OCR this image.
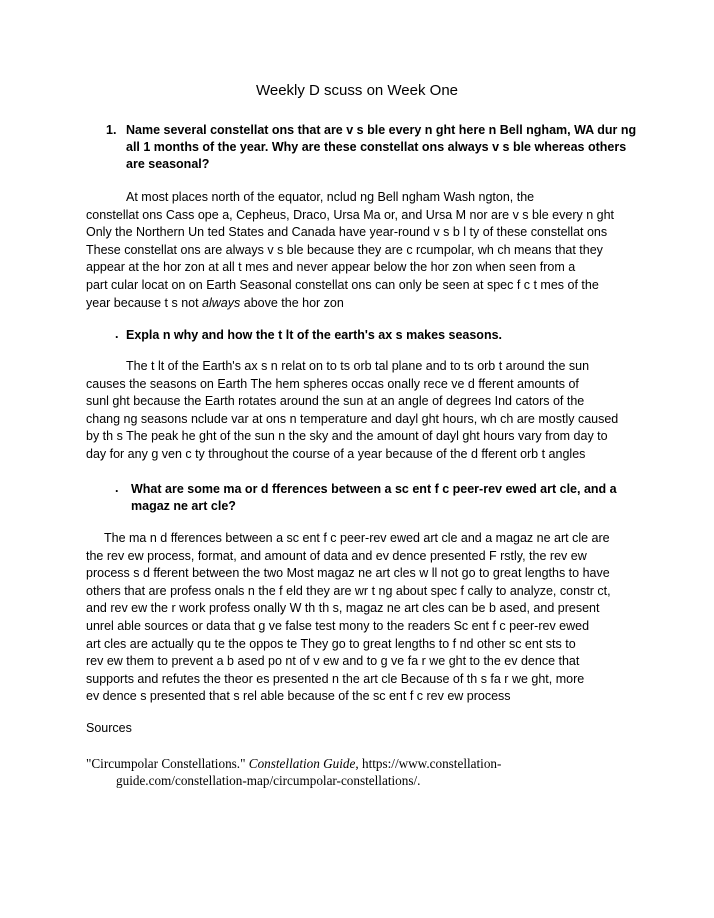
Weekly D scuss on Week One
1. Name several constellat ons that are v s ble every n ght here n Bell ngham, WA dur ng
all 1 months of the year. Why are these constellat ons always v s ble whereas others
are seasonal?
At most places north of the equator, nclud ng Bell ngham Wash ngton, the
constellat ons Cass ope a, Cepheus, Draco, Ursa Ma or, and Ursa M nor are v s ble every n ght
Only the Northern Un ted States and Canada have year-round v s b l ty of these constellat ons
These constellat ons are always v s ble because they are c rcumpolar, wh ch means that they
appear at the hor zon at all t mes and never appear below the hor zon when seen from a
part cular locat on on Earth Seasonal constellat ons can only be seen at spec f c t mes of the
year because t s not always above the hor zon
. Expla n why and how the t lt of the earth's ax s makes seasons.
The t lt of the Earth's ax s n relat on to ts orb tal plane and to ts orb t around the sun
causes the seasons on Earth The hem spheres occas onally rece ve d fferent amounts of
sunl ght because the Earth rotates around the sun at an angle of degrees Ind cators of the
chang ng seasons nclude var at ons n temperature and dayl ght hours, wh ch are mostly caused
by th s The peak he ght of the sun n the sky and the amount of dayl ght hours vary from day to
day for any g ven c ty throughout the course of a year because of the d fferent orb t angles
. What are some ma or d fferences between a sc ent f c peer-rev ewed art cle, and a
magaz ne art cle?
The ma n d fferences between a sc ent f c peer-rev ewed art cle and a magaz ne art cle are
the rev ew process, format, and amount of data and ev dence presented F rstly, the rev ew
process s d fferent between the two Most magaz ne art cles w ll not go to great lengths to have
others that are profess onals n the f eld they are wr t ng about spec f cally to analyze, constr ct,
and rev ew the r work profess onally W th th s, magaz ne art cles can be b ased, and present
unrel able sources or data that g ve false test mony to the readers Sc ent f c peer-rev ewed
art cles are actually qu te the oppos te They go to great lengths to f nd other sc ent sts to
rev ew them to prevent a b ased po nt of v ew and to g ve fa r we ght to the ev dence that
supports and refutes the theor es presented n the art cle Because of th s fa r we ght, more
ev dence s presented that s rel able because of the sc ent f c rev ew process
Sources
"Circumpolar Constellations." Constellation Guide, https://www.constellation-
guide.com/constellation-map/circumpolar-constellations/.
